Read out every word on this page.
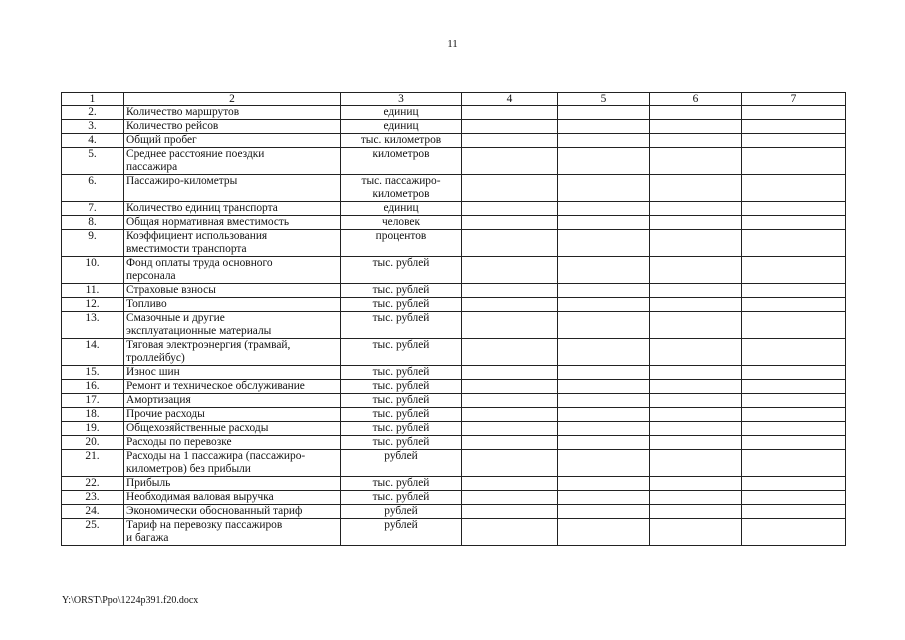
11
1	2	3	4	5	6	7
2.	Количество маршрутов	единиц				

3.	Количество рейсов	единиц				

4.	Общий пробег	тыс. километров				

5.	Среднее расстояние поездки
пассажира	километров				

6.	Пассажиро-километры	тыс. пассажиро-
километров				

7.	Количество единиц транспорта	единиц				

8.	Общая нормативная вместимость	человек				

9.	Коэффициент использования
вместимости транспорта	процентов				

10.	Фонд оплаты труда основного
персонала	тыс. рублей				

11.	Страховые взносы	тыс. рублей				

12.	Топливо	тыс. рублей				

13.	Смазочные и другие
эксплуатационные материалы	тыс. рублей				

14.	Тяговая электроэнергия (трамвай,
троллейбус)	тыс. рублей				

15.	Износ шин	тыс. рублей				

16.	Ремонт и техническое обслуживание	тыс. рублей				

17.	Амортизация	тыс. рублей				

18.	Прочие расходы	тыс. рублей				

19.	Общехозяйственные расходы	тыс. рублей				

20.	Расходы по перевозке	тыс. рублей				

21.	Расходы на 1 пассажира (пассажиро-
километров) без прибыли	рублей				

22.	Прибыль	тыс. рублей				

23.	Необходимая валовая выручка	тыс. рублей				

24.	Экономически обоснованный тариф	рублей				

25.	Тариф на перевозку пассажиров
и багажа	рублей				

Y:\ORST\Ppo\1224p391.f20.docx
